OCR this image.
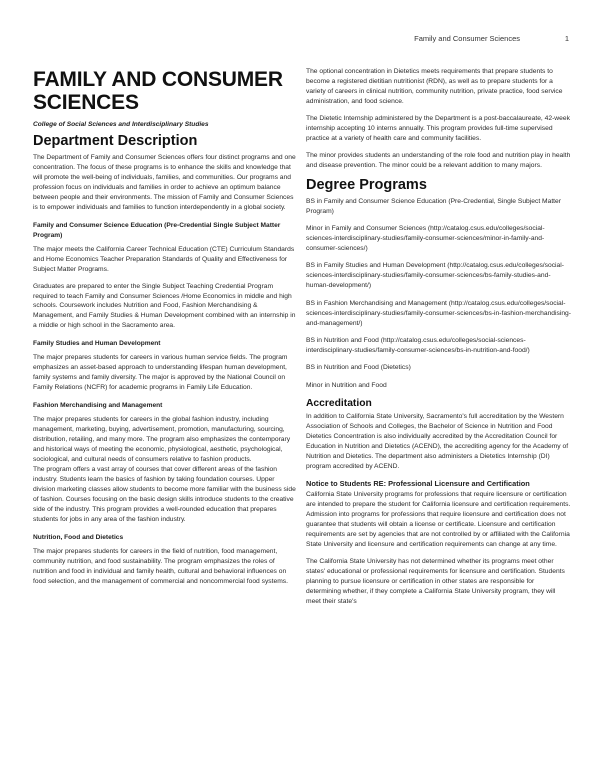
Family and Consumer Sciences	1
FAMILY AND CONSUMER
SCIENCES
College of Social Sciences and Interdisciplinary Studies
Department Description

The Department of Family and Consumer Sciences offers four distinct programs and one concentration. The focus of these programs is to enhance the skills and knowledge that will promote the well-being of individuals, families, and communities. Our programs and profession focus on individuals and families in order to achieve an optimum balance between people and their environments. The mission of Family and Consumer Sciences is to empower individuals and families to function interdependently in a global society.

Family and Consumer Science Education (Pre-Credential Single Subject Matter Program)

The major meets the California Career Technical Education (CTE) Curriculum Standards and Home Economics Teacher Preparation Standards of Quality and Effectiveness for Subject Matter Programs.

Graduates are prepared to enter the Single Subject Teaching Credential Program required to teach Family and Consumer Sciences /Home Economics in middle and high schools. Coursework includes Nutrition and Food, Fashion Merchandising & Management, and Family Studies & Human Development combined with an internship in a middle or high school in the Sacramento area.

Family Studies and Human Development

The major prepares students for careers in various human service fields. The program emphasizes an asset-based approach to understanding lifespan human development, family systems and family diversity. The major is approved by the National Council on Family Relations (NCFR) for academic programs in Family Life Education.

Fashion Merchandising and Management

The major prepares students for careers in the global fashion industry, including management, marketing, buying, advertisement, promotion, manufacturing, sourcing, distribution, retailing, and many more. The program also emphasizes the contemporary and historical ways of meeting the economic, physiological, aesthetic, psychological, sociological, and cultural needs of consumers relative to fashion products.

The program offers a vast array of courses that cover different areas of the fashion industry. Students learn the basics of fashion by taking foundation courses. Upper division marketing classes allow students to become more familiar with the business side of fashion. Courses focusing on the basic design skills introduce students to the creative side of the industry. This program provides a well-rounded education that prepares students for jobs in any area of the fashion industry.

Nutrition, Food and Dietetics

The major prepares students for careers in the field of nutrition, food management, community nutrition, and food sustainability. The program emphasizes the roles of nutrition and food in individual and family health, cultural and behavioral influences on food selection, and the management of commercial and noncommercial food systems.

The optional concentration in Dietetics meets requirements that prepare students to become a registered dietitian nutritionist (RDN), as well as to prepare students for a variety of careers in clinical nutrition, community nutrition, private practice, food service administration, and food science.

The Dietetic Internship administered by the Department is a post-baccalaureate, 42-week internship accepting 10 interns annually. This program provides full-time supervised practice at a variety of health care and community facilities.

The minor provides students an understanding of the role food and nutrition play in health and disease prevention. The minor could be a relevant addition to many majors.

Degree Programs
BS in Family and Consumer Science Education (Pre-Credential, Single Subject Matter Program)
Minor in Family and Consumer Sciences (http://catalog.csus.edu/colleges/social-sciences-interdisciplinary-studies/family-consumer-sciences/minor-in-family-and-consumer-sciences/)
BS in Family Studies and Human Development (http://catalog.csus.edu/colleges/social-sciences-interdisciplinary-studies/family-consumer-sciences/bs-family-studies-and-human-development/)
BS in Fashion Merchandising and Management (http://catalog.csus.edu/colleges/social-sciences-interdisciplinary-studies/family-consumer-sciences/bs-in-fashion-merchandising-and-management/)
BS in Nutrition and Food (http://catalog.csus.edu/colleges/social-sciences-interdisciplinary-studies/family-consumer-sciences/bs-in-nutrition-and-food/)
BS in Nutrition and Food (Dietetics)
Minor in Nutrition and Food
Accreditation

In addition to California State University, Sacramento's full accreditation by the Western Association of Schools and Colleges, the Bachelor of Science in Nutrition and Food Dietetics Concentration is also individually accredited by the Accreditation Council for Education in Nutrition and Dietetics (ACEND), the accrediting agency for the Academy of Nutrition and Dietetics. The department also administers a Dietetics Internship (DI) program accredited by ACEND.

Notice to Students RE: Professional Licensure and Certification

California State University programs for professions that require licensure or certification are intended to prepare the student for California licensure and certification requirements. Admission into programs for professions that require licensure and certification does not guarantee that students will obtain a license or certificate. Licensure and certification requirements are set by agencies that are not controlled by or affiliated with the California State University and licensure and certification requirements can change at any time.

The California State University has not determined whether its programs meet other states' educational or professional requirements for licensure and certification. Students planning to pursue licensure or certification in other states are responsible for determining whether, if they complete a California State University program, they will meet their state's
